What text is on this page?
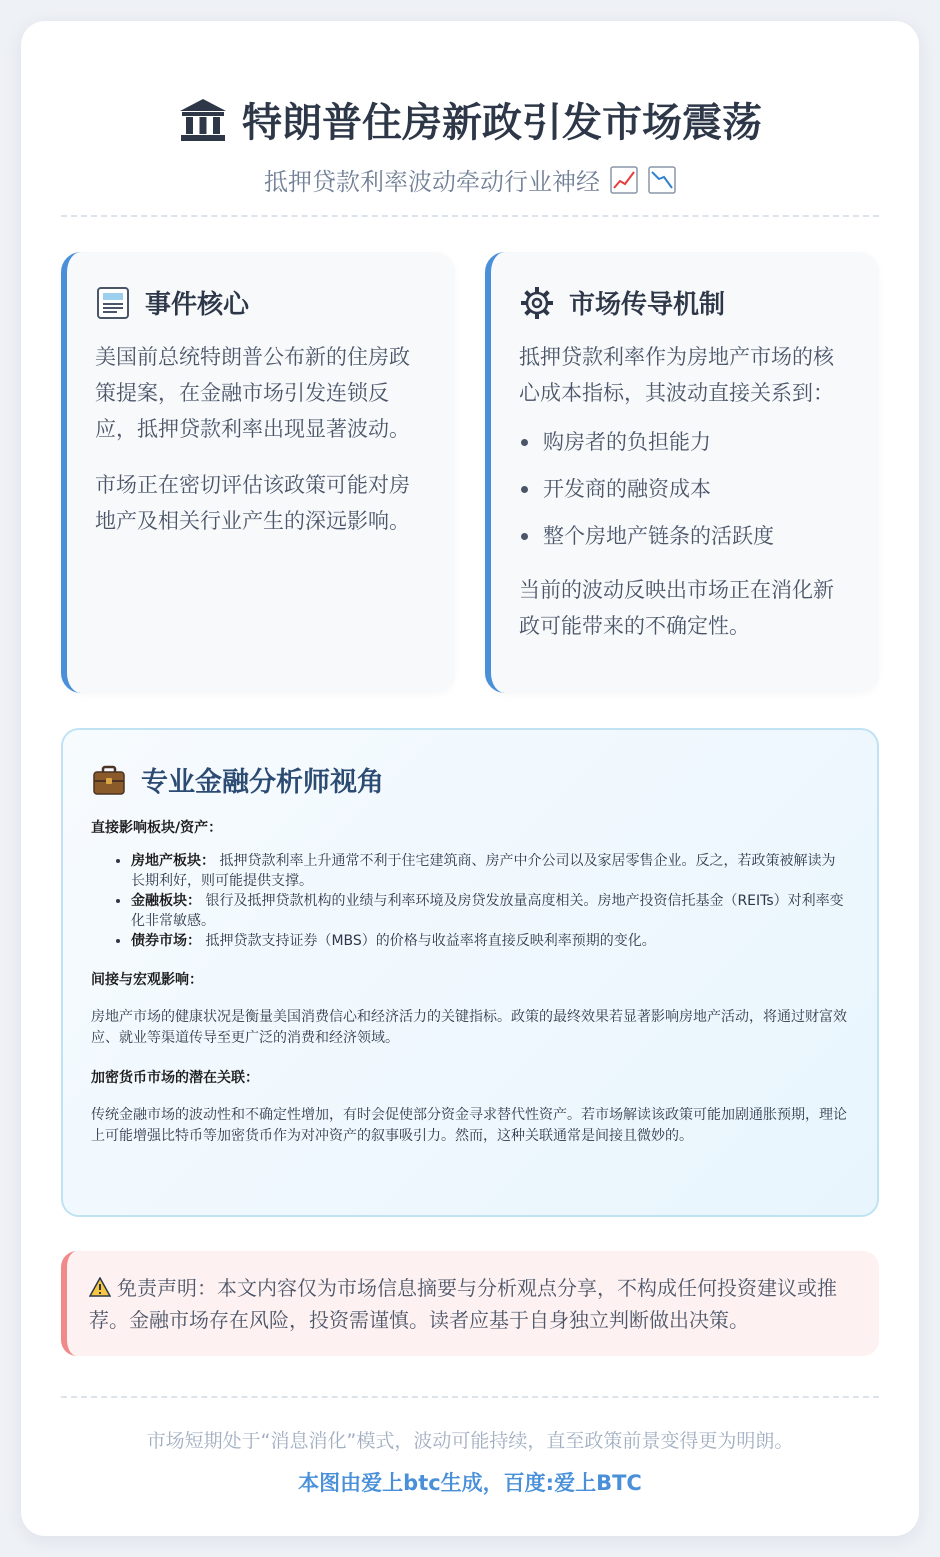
特朗普住房新政引发市场震荡

抵押贷款利率波动牵动行业神经
事件核心

美国前总统特朗普公布新的住房政策提案，在金融市场引发连锁反应，抵押贷款利率出现显著波动。

市场正在密切评估该政策可能对房地产及相关行业产生的深远影响。

市场传导机制

抵押贷款利率作为房地产市场的核心成本指标，其波动直接关系到：

购房者的负担能力
开发商的融资成本
整个房地产链条的活跃度

当前的波动反映出市场正在消化新政可能带来的不确定性。

专业金融分析师视角
直接影响板块/资产：
• 房地产板块： 抵押贷款利率上升通常不利于住宅建筑商、房产中介公司以及家居零售企业。反之，若政策被解读为长期利好，则可能提供支撑。
• 金融板块： 银行及抵押贷款机构的业绩与利率环境及房贷发放量高度相关。房地产投资信托基金（REITs）对利率变化非常敏感。
• 债券市场： 抵押贷款支持证券（MBS）的价格与收益率将直接反映利率预期的变化。
间接与宏观影响：

房地产市场的健康状况是衡量美国消费信心和经济活力的关键指标。政策的最终效果若显著影响房地产活动，将通过财富效应、就业等渠道传导至更广泛的消费和经济领域。

加密货币市场的潜在关联：

传统金融市场的波动性和不确定性增加，有时会促使部分资金寻求替代性资产。若市场解读该政策可能加剧通胀预期，理论上可能增强比特币等加密货币作为对冲资产的叙事吸引力。然而，这种关联通常是间接且微妙的。

免责声明：本文内容仅为市场信息摘要与分析观点分享，不构成任何投资建议或推荐。金融市场存在风险，投资需谨慎。读者应基于自身独立判断做出决策。
市场短期处于“消息消化”模式，波动可能持续，直至政策前景变得更为明朗。
本图由爱上btc生成，百度:爱上BTC
